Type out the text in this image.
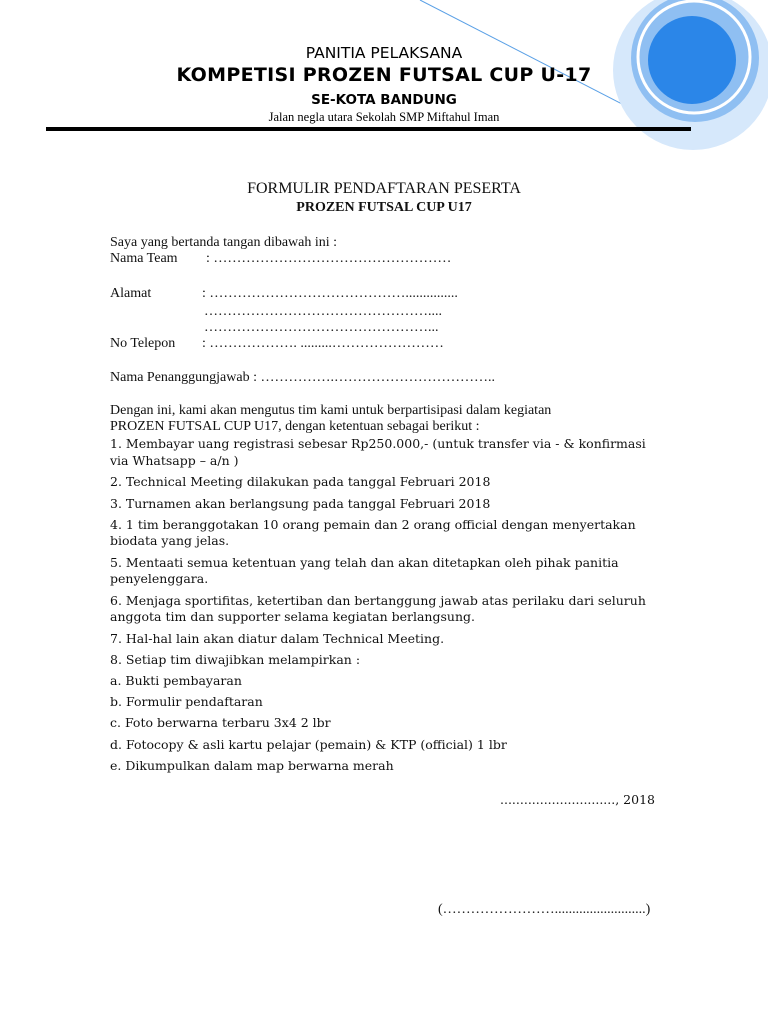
PANITIA PELAKSANA
KOMPETISI PROZEN FUTSAL CUP U-17
SE-KOTA BANDUNG
Jalan negla utara Sekolah SMP Miftahul Iman
FORMULIR PENDAFTARAN PESERTA
PROZEN FUTSAL CUP U17
Saya yang bertanda tangan dibawah ini :
Nama Team : ……………………………………………
Alamat	: ……………………………………...............
…………………………………………....
…………………………………………...
No Telepon : ………………. .........……………………
Nama Penanggungjawab : …………….……………………………..
Dengan ini, kami akan mengutus tim kami untuk berpartisipasi dalam kegiatan
PROZEN FUTSAL CUP U17, dengan ketentuan sebagai berikut :
1. Membayar uang registrasi sebesar Rp250.000,- (untuk transfer via - & konfirmasi
via Whatsapp – a/n )
2. Technical Meeting dilakukan pada tanggal Februari 2018
3. Turnamen akan berlangsung pada tanggal Februari 2018
4. 1 tim beranggotakan 10 orang pemain dan 2 orang official dengan menyertakan
biodata yang jelas.
5. Mentaati semua ketentuan yang telah dan akan ditetapkan oleh pihak panitia
penyelenggara.
6. Menjaga sportifitas, ketertiban dan bertanggung jawab atas perilaku dari seluruh
anggota tim dan supporter selama kegiatan berlangsung.
7. Hal-hal lain akan diatur dalam Technical Meeting.
8. Setiap tim diwajibkan melampirkan :
a. Bukti pembayaran
b. Formulir pendaftaran
c. Foto berwarna terbaru 3x4 2 lbr
d. Fotocopy & asli kartu pelajar (pemain) & KTP (official) 1 lbr
e. Dikumpulkan dalam map berwarna merah
............................., 2018
(……………………..........................)
